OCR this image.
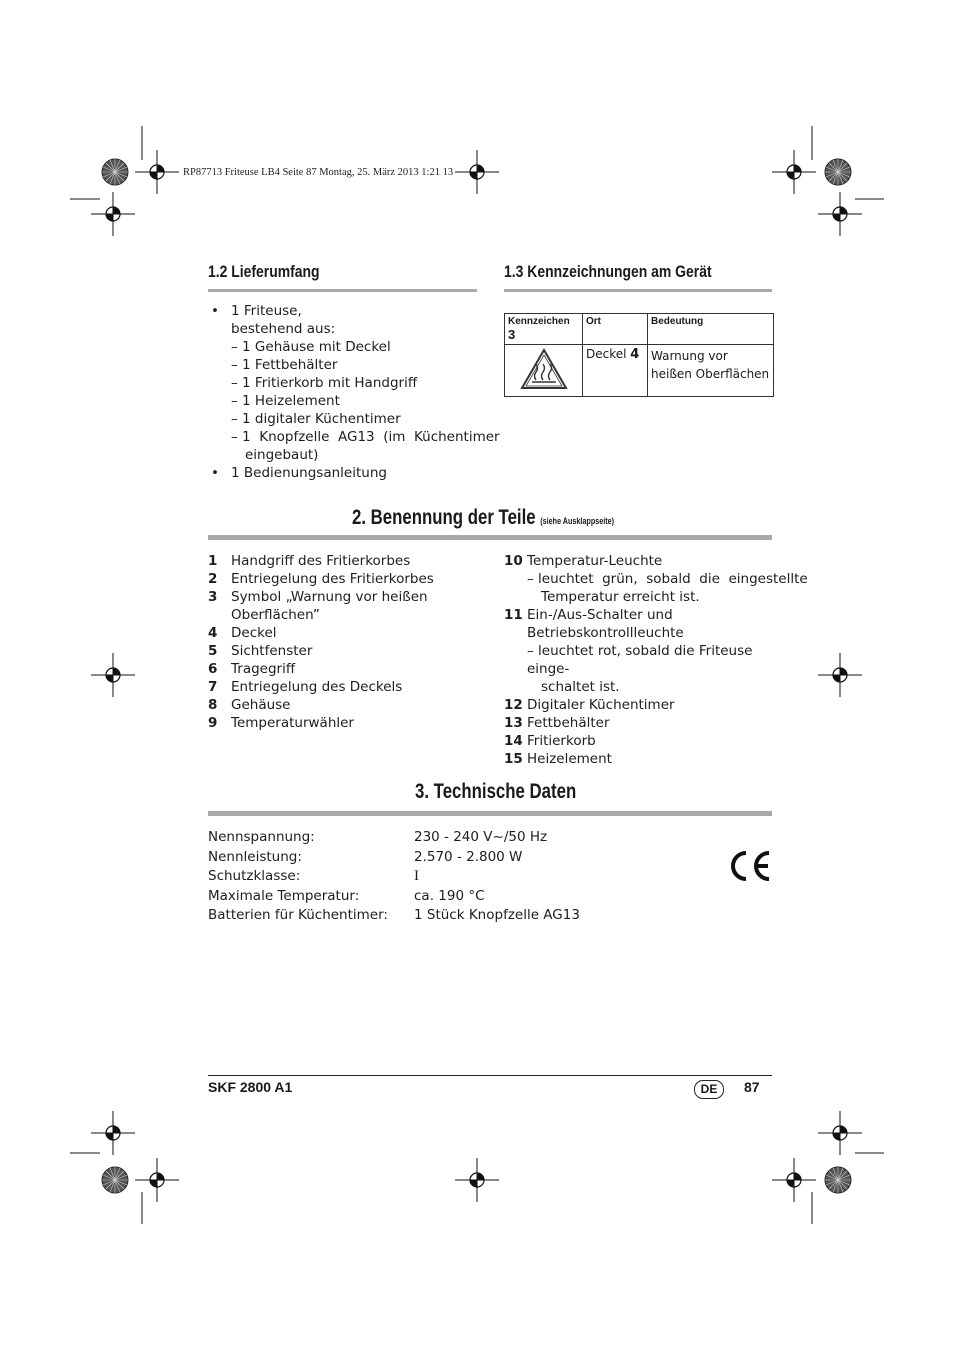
RP87713 Friteuse LB4 Seite 87 Montag, 25. März 2013 1:21 13
1.2 Lieferumfang
• 1 Friteuse,
bestehend aus:
– 1 Gehäuse mit Deckel
– 1 Fettbehälter
– 1 Fritierkorb mit Handgriff
– 1 Heizelement
– 1 digitaler Küchentimer
– 1  Knopfzelle  AG13  (im  Küchentimer
eingebaut)
• 1 Bedienungsanleitung
1.3 Kennzeichnungen am Gerät
Kennzeichen 3	Ort	Bedeutung
	Deckel 4	Warnung vor heißen Oberflächen
2. Benennung der Teile (siehe Ausklappseite)
1 Handgriff des Fritierkorbes
2 Entriegelung des Fritierkorbes
3 Symbol „Warnung vor heißen
Oberflächen”
4 Deckel
5 Sichtfenster
6 Tragegriff
7 Entriegelung des Deckels
8 Gehäuse
9 Temperaturwähler
10 Temperatur-Leuchte
– leuchtet  grün,  sobald  die  eingestellte
Temperatur erreicht ist.
11 Ein-/Aus-Schalter und
Betriebskontrollleuchte
– leuchtet rot, sobald die Friteuse einge-
schaltet ist.
12 Digitaler Küchentimer
13 Fettbehälter
14 Fritierkorb
15 Heizelement
3. Technische Daten
Nennspannung:	230 - 240 V~/50 Hz
Nennleistung:	2.570 - 2.800 W
Schutzklasse:	I
Maximale Temperatur:	ca. 190 °C
Batterien für Küchentimer:	1 Stück Knopfzelle AG13
SKF 2800 A1	DE	87
